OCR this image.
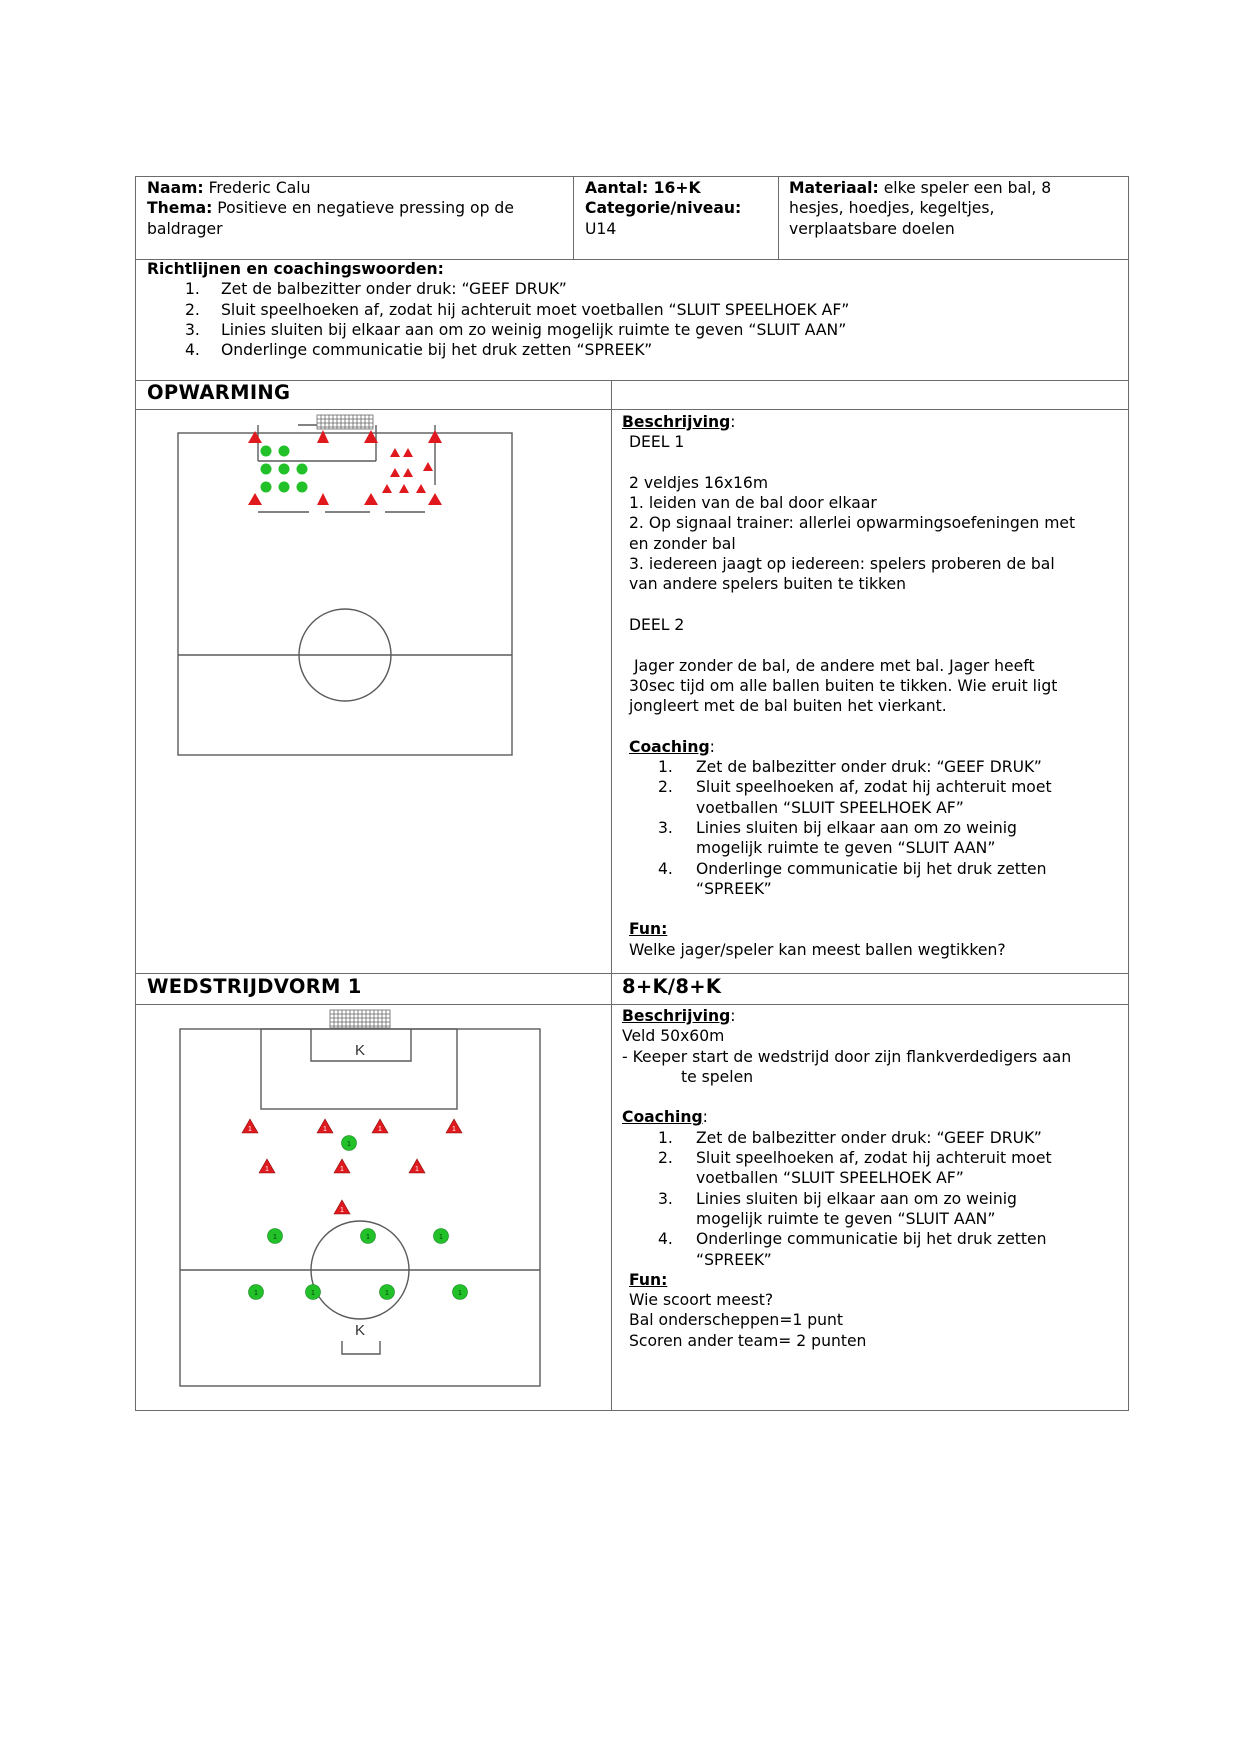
Naam: Frederic Calu
Thema: Positieve en negatieve pressing op de
baldrager
Aantal: 16+K
Categorie/niveau:
U14
Materiaal: elke speler een bal, 8
hesjes, hoedjes, kegeltjes,
verplaatsbare doelen
Richtlijnen en coachingswoorden:
1. Zet de balbezitter onder druk: “GEEF DRUK”
2. Sluit speelhoeken af, zodat hij achteruit moet voetballen “SLUIT SPEELHOEK AF”
3. Linies sluiten bij elkaar aan om zo weinig mogelijk ruimte te geven “SLUIT AAN”
4. Onderlinge communicatie bij het druk zetten “SPREEK”
OPWARMING
Beschrijving:
DEEL 1

2 veldjes 16x16m
1. leiden van de bal door elkaar
2. Op signaal trainer: allerlei opwarmingsoefeningen met
en zonder bal
3. iedereen jaagt op iedereen: spelers proberen de bal
van andere spelers buiten te tikken

DEEL 2

Jager zonder de bal, de andere met bal. Jager heeft
30sec tijd om alle ballen buiten te tikken. Wie eruit ligt
jongleert met de bal buiten het vierkant.

Coaching:
1. Zet de balbezitter onder druk: “GEEF DRUK”
2. Sluit speelhoeken af, zodat hij achteruit moet
voetballen “SLUIT SPEELHOEK AF”
3. Linies sluiten bij elkaar aan om zo weinig
mogelijk ruimte te geven “SLUIT AAN”
4. Onderlinge communicatie bij het druk zetten
“SPREEK”

Fun:
Welke jager/speler kan meest ballen wegtikken?
WEDSTRIJDVORM 1	8+K/8+K
K
K
1	1	1	1
1	1	1
1
1
1	1	1
1	1	1	1
Beschrijving:
Veld 50x60m
- Keeper start de wedstrijd door zijn flankverdedigers aan
te spelen

Coaching:
1. Zet de balbezitter onder druk: “GEEF DRUK”
2. Sluit speelhoeken af, zodat hij achteruit moet
voetballen “SLUIT SPEELHOEK AF”
3. Linies sluiten bij elkaar aan om zo weinig
mogelijk ruimte te geven “SLUIT AAN”
4. Onderlinge communicatie bij het druk zetten
“SPREEK”
Fun:
Wie scoort meest?
Bal onderscheppen=1 punt
Scoren ander team= 2 punten
